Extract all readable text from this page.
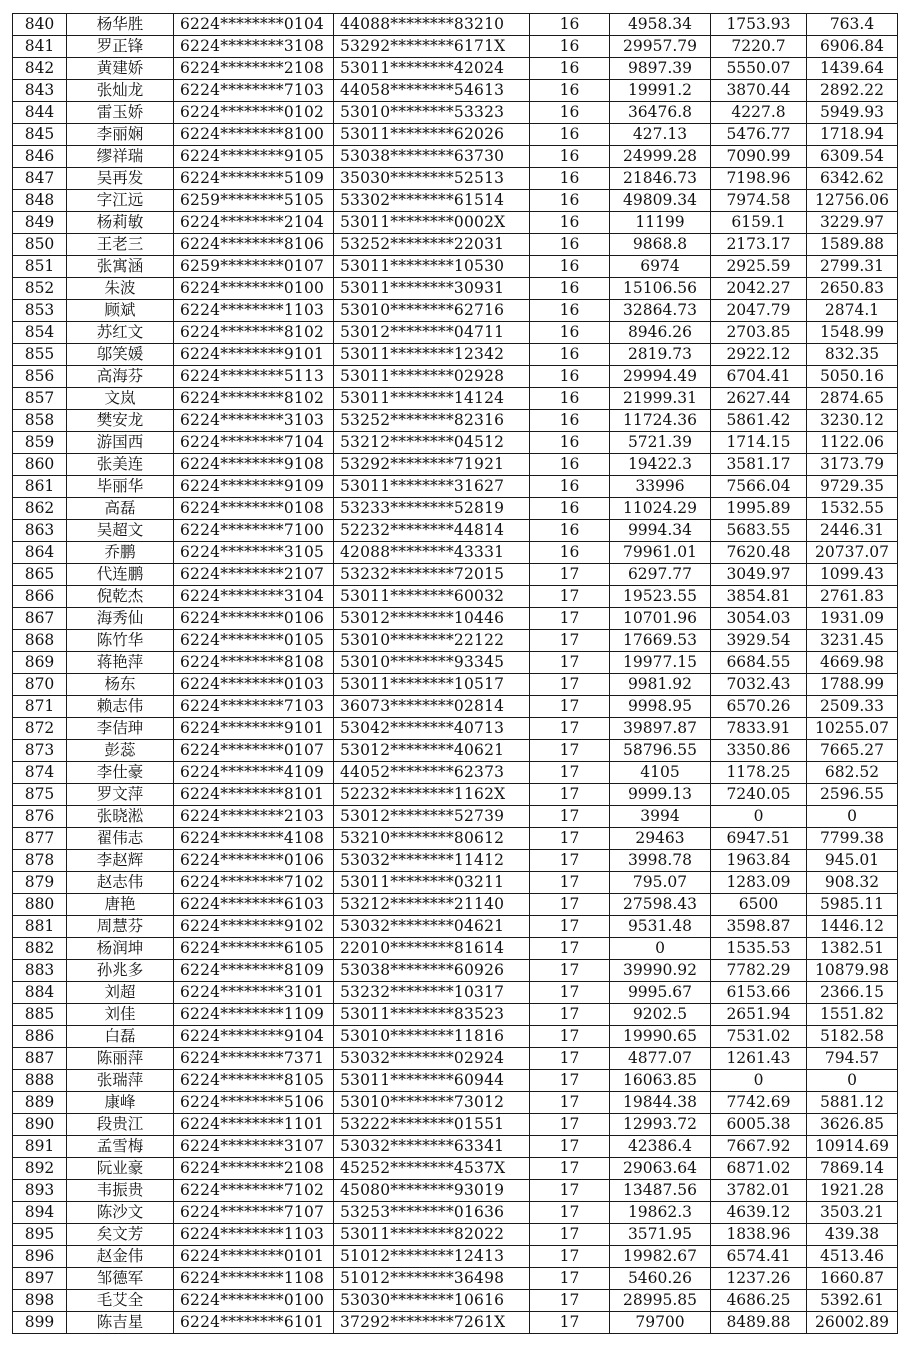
840	杨华胜	6224********0104	44088********83210	16	4958.34	1753.93	763.4
841	罗正锋	6224********3108	53292********6171X	16	29957.79	7220.7	6906.84
842	黄建娇	6224********2108	53011********42024	16	9897.39	5550.07	1439.64
843	张灿龙	6224********7103	44058********54613	16	19991.2	3870.44	2892.22
844	雷玉娇	6224********0102	53010********53323	16	36476.8	4227.8	5949.93
845	李丽娴	6224********8100	53011********62026	16	427.13	5476.77	1718.94
846	缪祥瑞	6224********9105	53038********63730	16	24999.28	7090.99	6309.54
847	吴再发	6224********5109	35030********52513	16	21846.73	7198.96	6342.62
848	字江远	6259********5105	53302********61514	16	49809.34	7974.58	12756.06
849	杨莉敏	6224********2104	53011********0002X	16	11199	6159.1	3229.97
850	王老三	6224********8106	53252********22031	16	9868.8	2173.17	1589.88
851	张寓涵	6259********0107	53011********10530	16	6974	2925.59	2799.31
852	朱波	6224********0100	53011********30931	16	15106.56	2042.27	2650.83
853	顾斌	6224********1103	53010********62716	16	32864.73	2047.79	2874.1
854	苏红文	6224********8102	53012********04711	16	8946.26	2703.85	1548.99
855	邬笑媛	6224********9101	53011********12342	16	2819.73	2922.12	832.35
856	高海芬	6224********5113	53011********02928	16	29994.49	6704.41	5050.16
857	文岚	6224********8102	53011********14124	16	21999.31	2627.44	2874.65
858	樊安龙	6224********3103	53252********82316	16	11724.36	5861.42	3230.12
859	游国西	6224********7104	53212********04512	16	5721.39	1714.15	1122.06
860	张美连	6224********9108	53292********71921	16	19422.3	3581.17	3173.79
861	毕丽华	6224********9109	53011********31627	16	33996	7566.04	9729.35
862	高磊	6224********0108	53233********52819	16	11024.29	1995.89	1532.55
863	吴超文	6224********7100	52232********44814	16	9994.34	5683.55	2446.31
864	乔鹏	6224********3105	42088********43331	16	79961.01	7620.48	20737.07
865	代连鹏	6224********2107	53232********72015	17	6297.77	3049.97	1099.43
866	倪乾杰	6224********3104	53011********60032	17	19523.55	3854.81	2761.83
867	海秀仙	6224********0106	53012********10446	17	10701.96	3054.03	1931.09
868	陈竹华	6224********0105	53010********22122	17	17669.53	3929.54	3231.45
869	蒋艳萍	6224********8108	53010********93345	17	19977.15	6684.55	4669.98
870	杨东	6224********0103	53011********10517	17	9981.92	7032.43	1788.99
871	赖志伟	6224********7103	36073********02814	17	9998.95	6570.26	2509.33
872	李佶珅	6224********9101	53042********40713	17	39897.87	7833.91	10255.07
873	彭蕊	6224********0107	53012********40621	17	58796.55	3350.86	7665.27
874	李仕豪	6224********4109	44052********62373	17	4105	1178.25	682.52
875	罗文萍	6224********8101	52232********1162X	17	9999.13	7240.05	2596.55
876	张晓淞	6224********2103	53012********52739	17	3994	0	0
877	翟伟志	6224********4108	53210********80612	17	29463	6947.51	7799.38
878	李赵辉	6224********0106	53032********11412	17	3998.78	1963.84	945.01
879	赵志伟	6224********7102	53011********03211	17	795.07	1283.09	908.32
880	唐艳	6224********6103	53212********21140	17	27598.43	6500	5985.11
881	周慧芬	6224********9102	53032********04621	17	9531.48	3598.87	1446.12
882	杨润坤	6224********6105	22010********81614	17	0	1535.53	1382.51
883	孙兆多	6224********8109	53038********60926	17	39990.92	7782.29	10879.98
884	刘超	6224********3101	53232********10317	17	9995.67	6153.66	2366.15
885	刘佳	6224********1109	53011********83523	17	9202.5	2651.94	1551.82
886	白磊	6224********9104	53010********11816	17	19990.65	7531.02	5182.58
887	陈丽萍	6224********7371	53032********02924	17	4877.07	1261.43	794.57
888	张瑞萍	6224********8105	53011********60944	17	16063.85	0	0
889	康峰	6224********5106	53010********73012	17	19844.38	7742.69	5881.12
890	段贵江	6224********1101	53222********01551	17	12993.72	6005.38	3626.85
891	孟雪梅	6224********3107	53032********63341	17	42386.4	7667.92	10914.69
892	阮业豪	6224********2108	45252********4537X	17	29063.64	6871.02	7869.14
893	韦振贵	6224********7102	45080********93019	17	13487.56	3782.01	1921.28
894	陈沙文	6224********7107	53253********01636	17	19862.3	4639.12	3503.21
895	矣文芳	6224********1103	53011********82022	17	3571.95	1838.96	439.38
896	赵金伟	6224********0101	51012********12413	17	19982.67	6574.41	4513.46
897	邹德军	6224********1108	51012********36498	17	5460.26	1237.26	1660.87
898	毛艾全	6224********0100	53030********10616	17	28995.85	4686.25	5392.61
899	陈吉星	6224********6101	37292********7261X	17	79700	8489.88	26002.89
